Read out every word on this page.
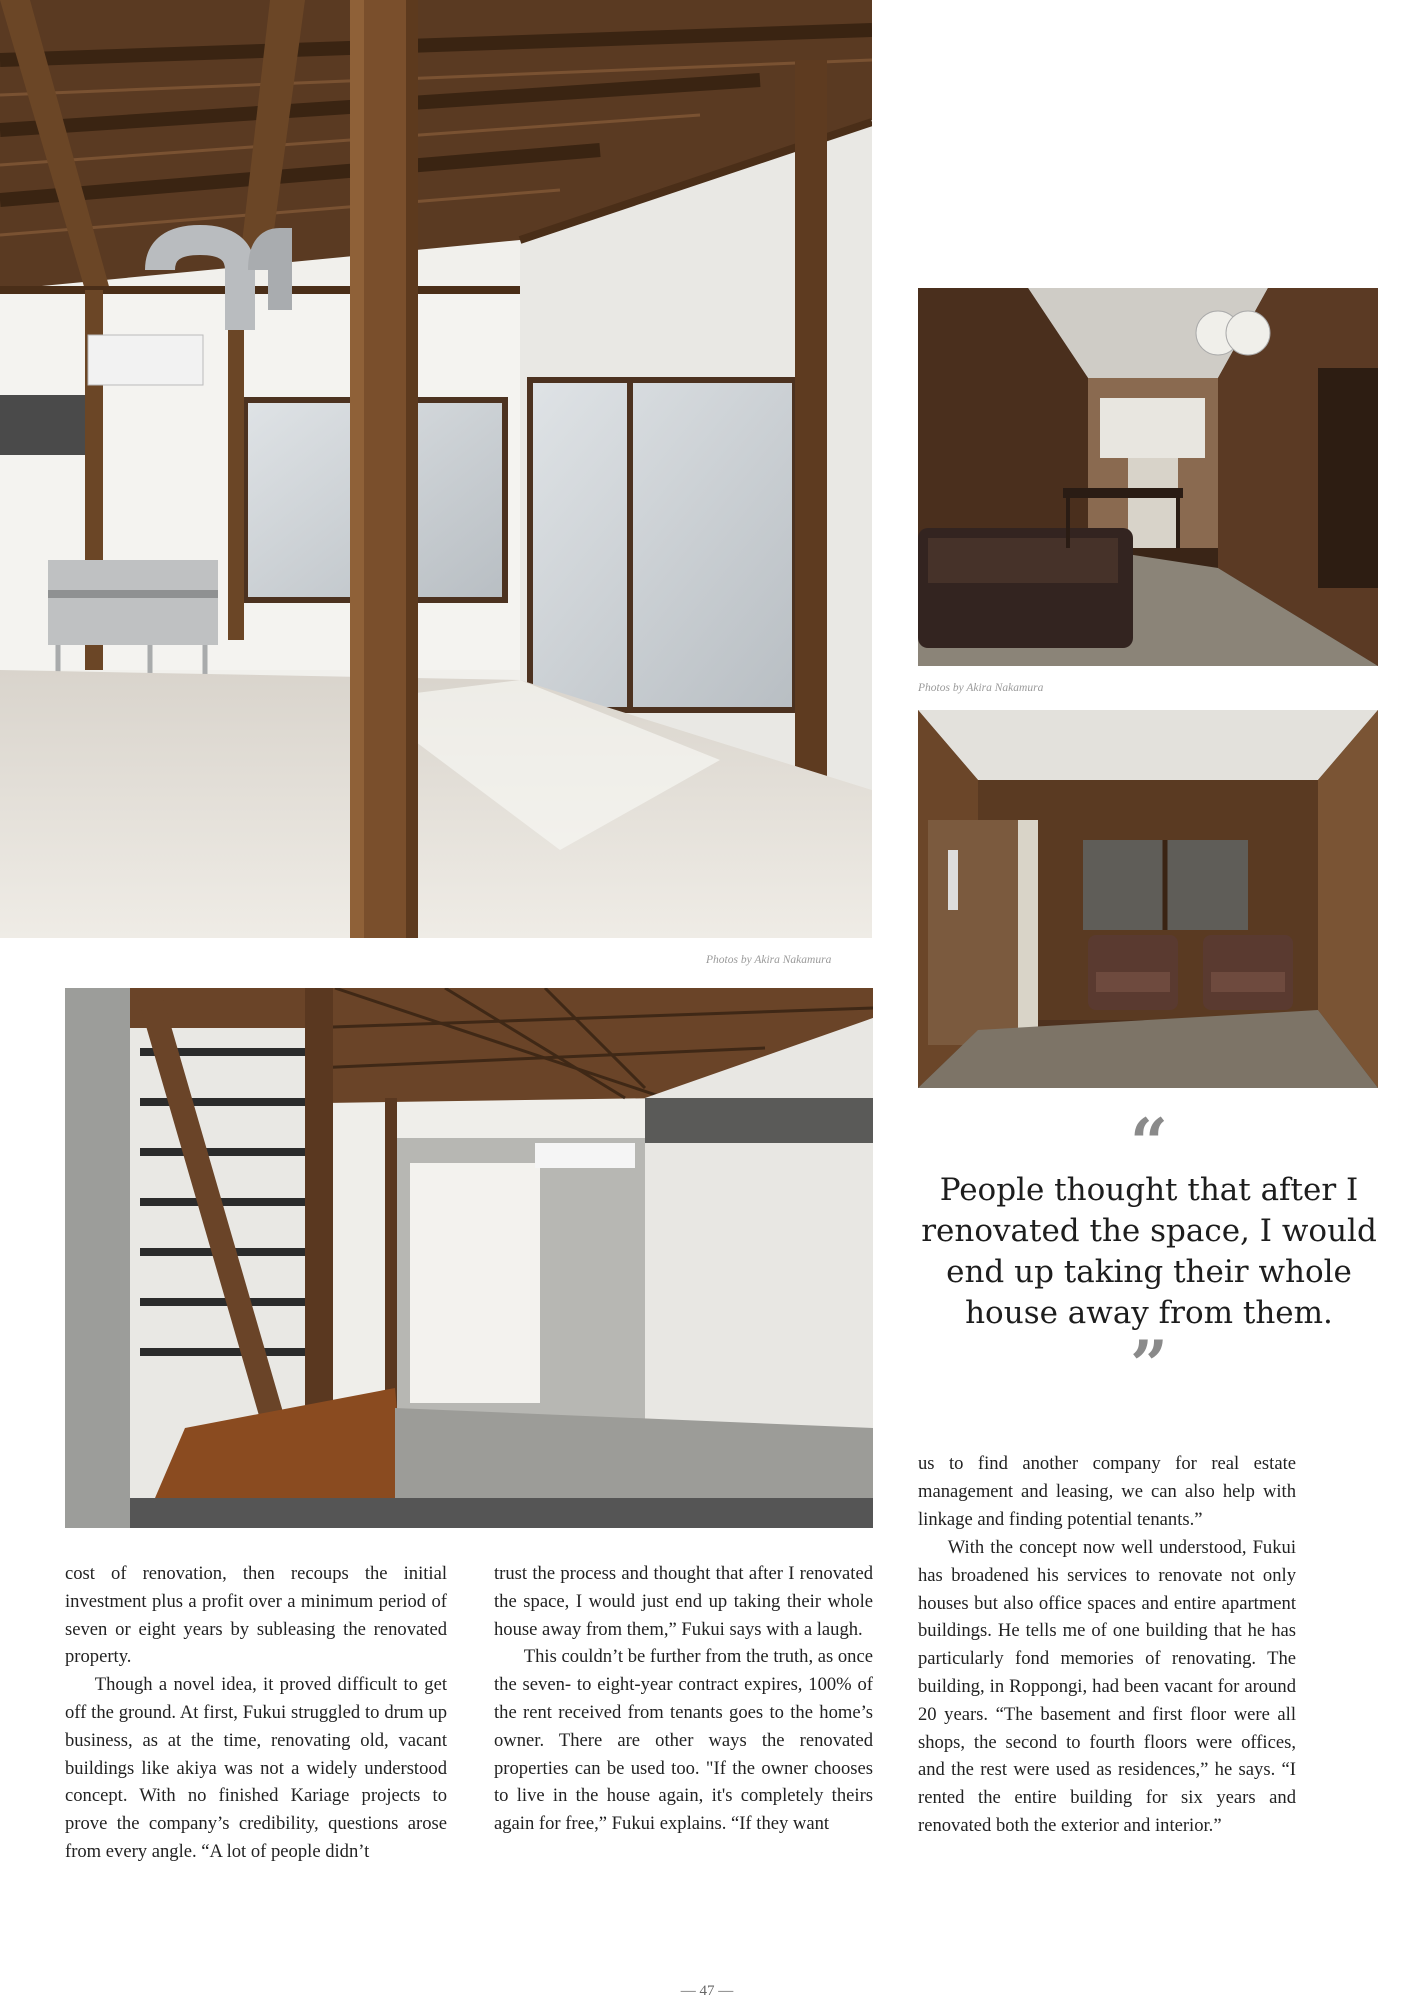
Photos by Akira Nakamura
Photos by Akira Nakamura
“
People thought that after I renovated the space, I would end up taking their whole house away from them.
”

cost of renovation, then recoups the initial investment plus a profit over a minimum period of seven or eight years by subleasing the renovated property.

Though a novel idea, it proved difficult to get off the ground. At first, Fukui struggled to drum up business, as at the time, renovating old, vacant buildings like akiya was not a widely understood concept. With no finished Kariage projects to prove the company’s credibility, questions arose from every angle. “A lot of people didn’t

trust the process and thought that after I renovated the space, I would just end up taking their whole house away from them,” Fukui says with a laugh.

This couldn’t be further from the truth, as once the seven- to eight-year contract expires, 100% of the rent received from tenants goes to the home’s owner. There are other ways the renovated properties can be used too. "If the owner chooses to live in the house again, it's completely theirs again for free,” Fukui explains. “If they want

us to find another company for real estate management and leasing, we can also help with linkage and finding potential tenants.”

With the concept now well understood, Fukui has broadened his services to renovate not only houses but also office spaces and entire apartment buildings. He tells me of one building that he has particularly fond memories of renovating. The building, in Roppongi, had been vacant for around 20 years. “The basement and first floor were all shops, the second to fourth floors were offices, and the rest were used as residences,” he says. “I rented the entire building for six years and renovated both the exterior and interior.”

— 47 —
